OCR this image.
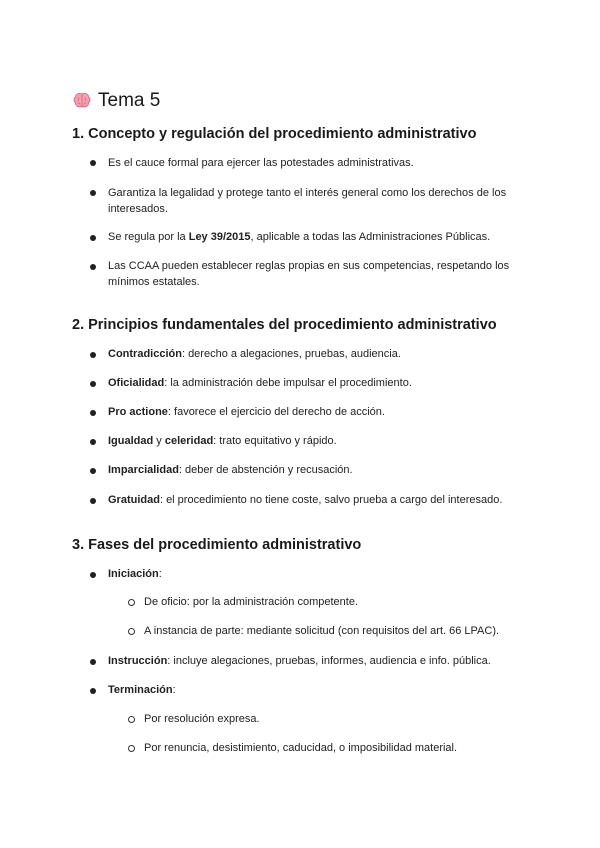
Tema 5
1. Concepto y regulación del procedimiento administrativo
Es el cauce formal para ejercer las potestades administrativas.
Garantiza la legalidad y protege tanto el interés general como los derechos de los interesados.
Se regula por la Ley 39/2015, aplicable a todas las Administraciones Públicas.
Las CCAA pueden establecer reglas propias en sus competencias, respetando los mínimos estatales.
2. Principios fundamentales del procedimiento administrativo
Contradicción: derecho a alegaciones, pruebas, audiencia.
Oficialidad: la administración debe impulsar el procedimiento.
Pro actione: favorece el ejercicio del derecho de acción.
Igualdad y celeridad: trato equitativo y rápido.
Imparcialidad: deber de abstención y recusación.
Gratuidad: el procedimiento no tiene coste, salvo prueba a cargo del interesado.
3. Fases del procedimiento administrativo
Iniciación:
De oficio: por la administración competente.
A instancia de parte: mediante solicitud (con requisitos del art. 66 LPAC).
Instrucción: incluye alegaciones, pruebas, informes, audiencia e info. pública.
Terminación:
Por resolución expresa.
Por renuncia, desistimiento, caducidad, o imposibilidad material.
